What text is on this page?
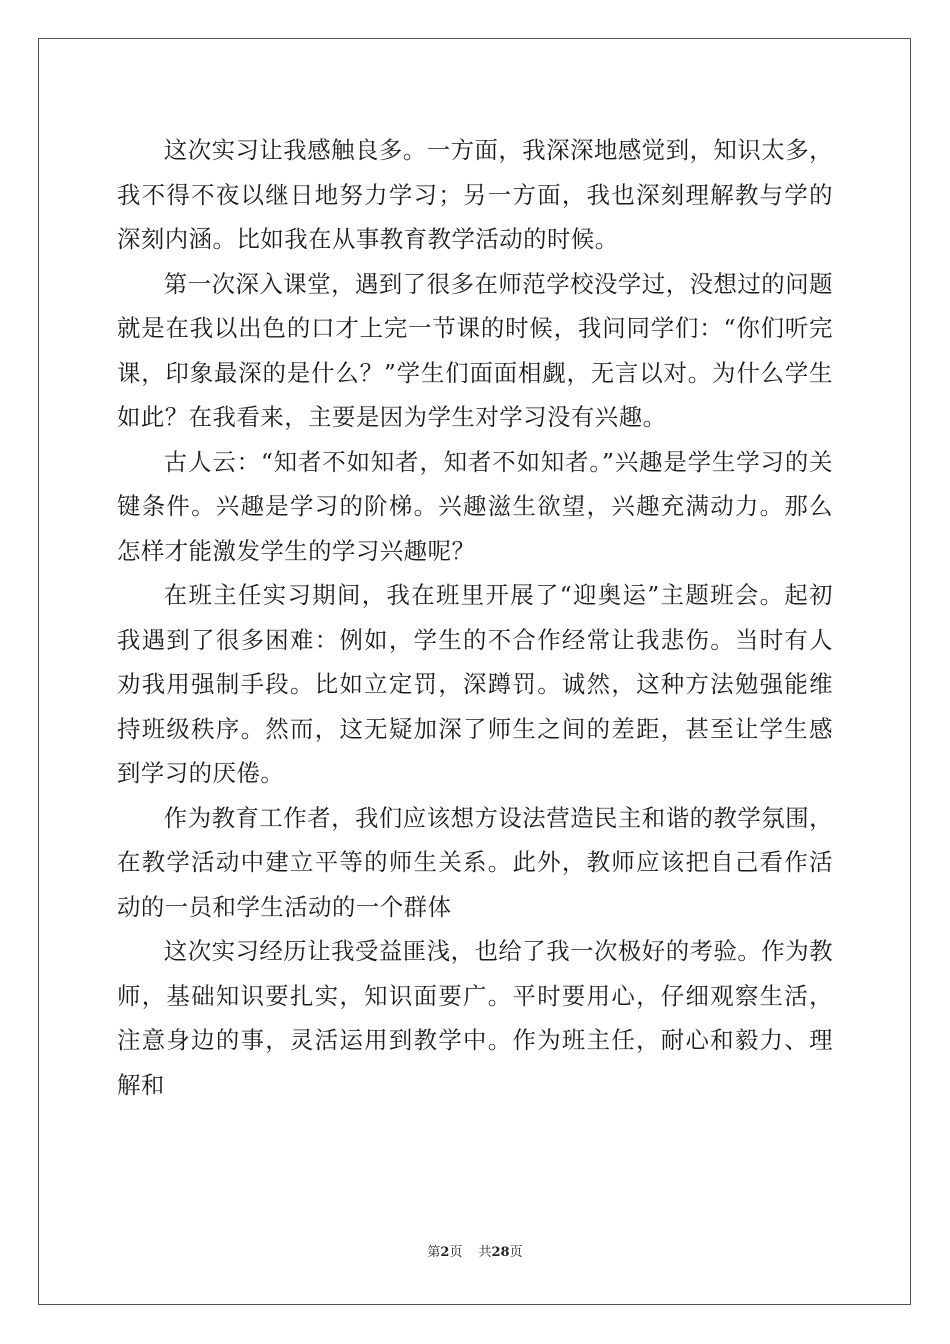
这次实习让我感触良多。一方面，我深深地感觉到，知识太多，我不得不夜以继日地努力学习；另一方面，我也深刻理解教与学的深刻内涵。比如我在从事教育教学活动的时候。

第一次深入课堂，遇到了很多在师范学校没学过，没想过的问题就是在我以出色的口才上完一节课的时候，我问同学们：“你们听完课，印象最深的是什么？”学生们面面相觑，无言以对。为什么学生如此？在我看来，主要是因为学生对学习没有兴趣。

古人云：“知者不如知者，知者不如知者。”兴趣是学生学习的关键条件。兴趣是学习的阶梯。兴趣滋生欲望，兴趣充满动力。那么怎样才能激发学生的学习兴趣呢？

在班主任实习期间，我在班里开展了“迎奥运”主题班会。起初我遇到了很多困难：例如，学生的不合作经常让我悲伤。当时有人劝我用强制手段。比如立定罚，深蹲罚。诚然，这种方法勉强能维持班级秩序。然而，这无疑加深了师生之间的差距，甚至让学生感到学习的厌倦。

作为教育工作者，我们应该想方设法营造民主和谐的教学氛围，在教学活动中建立平等的师生关系。此外，教师应该把自己看作活动的一员和学生活动的一个群体

这次实习经历让我受益匪浅，也给了我一次极好的考验。作为教师，基础知识要扎实，知识面要广。平时要用心，仔细观察生活，注意身边的事，灵活运用到教学中。作为班主任，耐心和毅力、理解和

第2页 共28页
